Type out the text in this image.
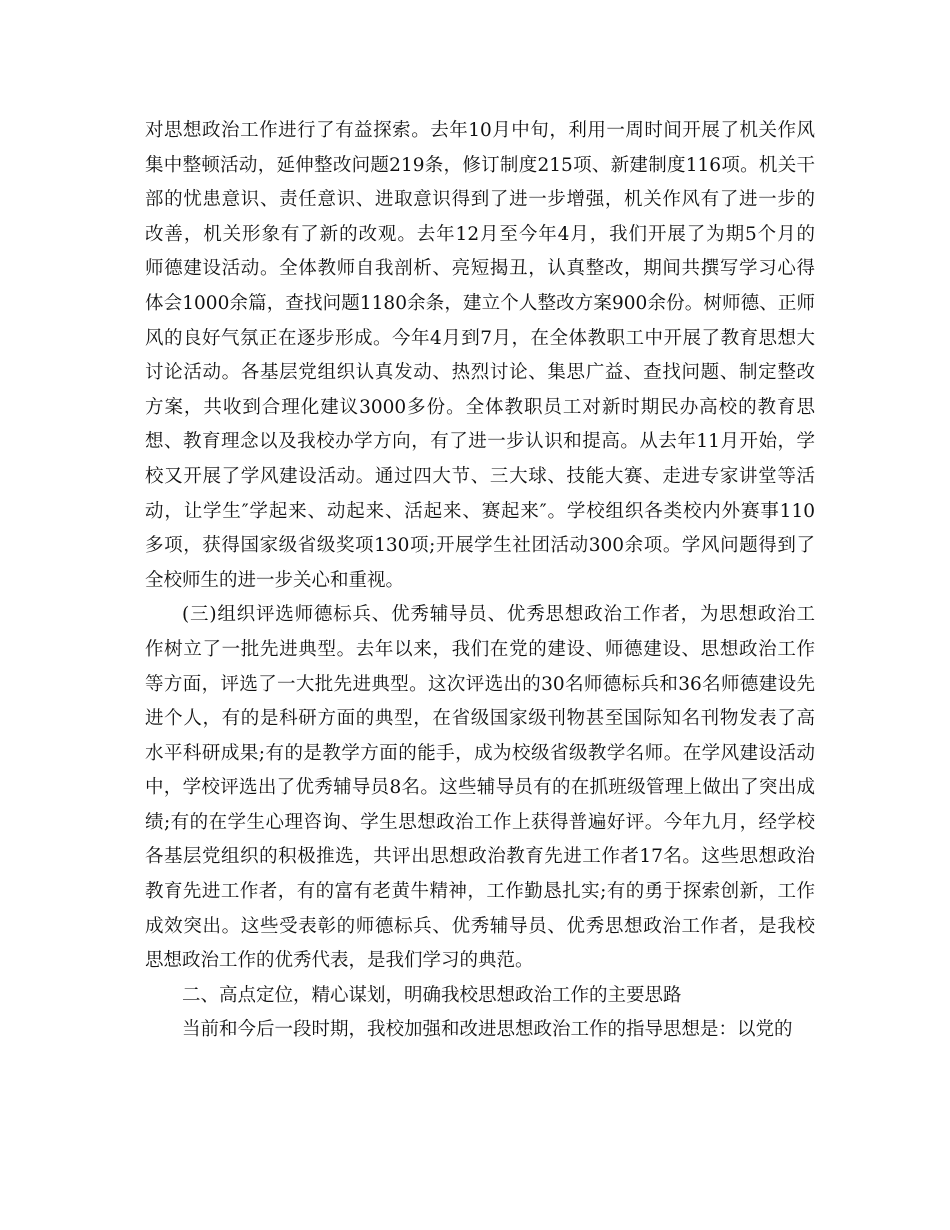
对思想政治工作进行了有益探索。去年10月中旬，利用一周时间开展了机关作风
集中整顿活动，延伸整改问题219条，修订制度215项、新建制度116项。机关干
部的忧患意识、责任意识、进取意识得到了进一步增强，机关作风有了进一步的
改善，机关形象有了新的改观。去年12月至今年4月，我们开展了为期5个月的
师德建设活动。全体教师自我剖析、亮短揭丑，认真整改，期间共撰写学习心得
体会1000余篇，查找问题1180余条，建立个人整改方案900余份。树师德、正师
风的良好气氛正在逐步形成。今年4月到7月，在全体教职工中开展了教育思想大
讨论活动。各基层党组织认真发动、热烈讨论、集思广益、查找问题、制定整改
方案，共收到合理化建议3000多份。全体教职员工对新时期民办高校的教育思
想、教育理念以及我校办学方向，有了进一步认识和提高。从去年11月开始，学
校又开展了学风建设活动。通过四大节、三大球、技能大赛、走进专家讲堂等活
动，让学生″学起来、动起来、活起来、赛起来″。学校组织各类校内外赛事110
多项，获得国家级省级奖项130项;开展学生社团活动300余项。学风问题得到了
全校师生的进一步关心和重视。
(三)组织评选师德标兵、优秀辅导员、优秀思想政治工作者，为思想政治工
作树立了一批先进典型。去年以来，我们在党的建设、师德建设、思想政治工作
等方面，评选了一大批先进典型。这次评选出的30名师德标兵和36名师德建设先
进个人，有的是科研方面的典型，在省级国家级刊物甚至国际知名刊物发表了高
水平科研成果;有的是教学方面的能手，成为校级省级教学名师。在学风建设活动
中，学校评选出了优秀辅导员8名。这些辅导员有的在抓班级管理上做出了突出成
绩;有的在学生心理咨询、学生思想政治工作上获得普遍好评。今年九月，经学校
各基层党组织的积极推选，共评出思想政治教育先进工作者17名。这些思想政治
教育先进工作者，有的富有老黄牛精神，工作勤恳扎实;有的勇于探索创新，工作
成效突出。这些受表彰的师德标兵、优秀辅导员、优秀思想政治工作者，是我校
思想政治工作的优秀代表，是我们学习的典范。
二、高点定位，精心谋划，明确我校思想政治工作的主要思路
当前和今后一段时期，我校加强和改进思想政治工作的指导思想是：以党的
